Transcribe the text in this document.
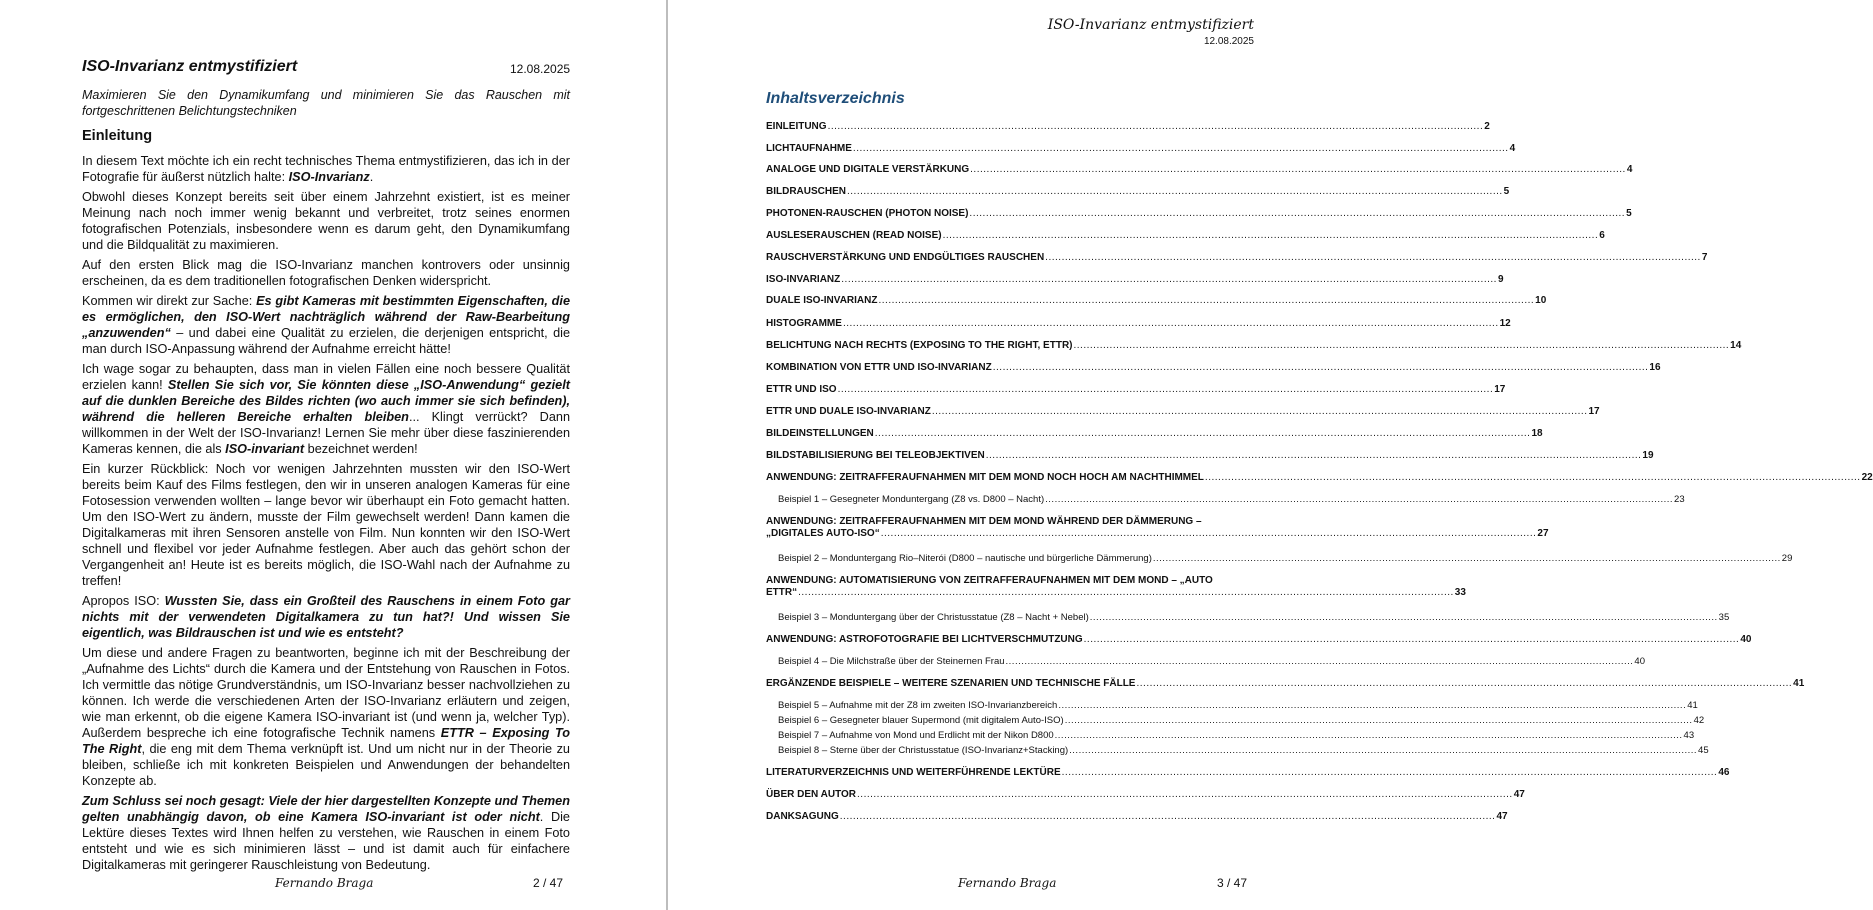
ISO-Invarianz entmystifiziert	12.08.2025
Maximieren Sie den Dynamikumfang und minimieren Sie das Rauschen mit fortgeschrittenen Belichtungstechniken
Einleitung

In diesem Text möchte ich ein recht technisches Thema entmystifizieren, das ich in der Fotografie für äußerst nützlich halte: ISO-Invarianz.

Obwohl dieses Konzept bereits seit über einem Jahrzehnt existiert, ist es meiner Meinung nach noch immer wenig bekannt und verbreitet, trotz seines enormen fotografischen Potenzials, insbesondere wenn es darum geht, den Dynamikumfang und die Bildqualität zu maximieren.

Auf den ersten Blick mag die ISO-Invarianz manchen kontrovers oder unsinnig erscheinen, da es dem traditionellen fotografischen Denken widerspricht.

Kommen wir direkt zur Sache: Es gibt Kameras mit bestimmten Eigenschaften, die es ermöglichen, den ISO-Wert nachträglich während der Raw-Bearbeitung „anzuwenden“ – und dabei eine Qualität zu erzielen, die derjenigen entspricht, die man durch ISO-Anpassung während der Aufnahme erreicht hätte!

Ich wage sogar zu behaupten, dass man in vielen Fällen eine noch bessere Qualität erzielen kann! Stellen Sie sich vor, Sie könnten diese „ISO-Anwendung“ gezielt auf die dunklen Bereiche des Bildes richten (wo auch immer sie sich befinden), während die helleren Bereiche erhalten bleiben... Klingt verrückt? Dann willkommen in der Welt der ISO-Invarianz! Lernen Sie mehr über diese faszinierenden Kameras kennen, die als ISO-invariant bezeichnet werden!

Ein kurzer Rückblick: Noch vor wenigen Jahrzehnten mussten wir den ISO-Wert bereits beim Kauf des Films festlegen, den wir in unseren analogen Kameras für eine Fotosession verwenden wollten – lange bevor wir überhaupt ein Foto gemacht hatten. Um den ISO-Wert zu ändern, musste der Film gewechselt werden! Dann kamen die Digitalkameras mit ihren Sensoren anstelle von Film. Nun konnten wir den ISO-Wert schnell und flexibel vor jeder Aufnahme festlegen. Aber auch das gehört schon der Vergangenheit an! Heute ist es bereits möglich, die ISO-Wahl nach der Aufnahme zu treffen!

Apropos ISO: Wussten Sie, dass ein Großteil des Rauschens in einem Foto gar nichts mit der verwendeten Digitalkamera zu tun hat?! Und wissen Sie eigentlich, was Bildrauschen ist und wie es entsteht?

Um diese und andere Fragen zu beantworten, beginne ich mit der Beschreibung der „Aufnahme des Lichts“ durch die Kamera und der Entstehung von Rauschen in Fotos. Ich vermittle das nötige Grundverständnis, um ISO-Invarianz besser nachvollziehen zu können. Ich werde die verschiedenen Arten der ISO-Invarianz erläutern und zeigen, wie man erkennt, ob die eigene Kamera ISO-invariant ist (und wenn ja, welcher Typ). Außerdem bespreche ich eine fotografische Technik namens ETTR – Exposing To The Right, die eng mit dem Thema verknüpft ist. Und um nicht nur in der Theorie zu bleiben, schließe ich mit konkreten Beispielen und Anwendungen der behandelten Konzepte ab.

Zum Schluss sei noch gesagt: Viele der hier dargestellten Konzepte und Themen gelten unabhängig davon, ob eine Kamera ISO-invariant ist oder nicht. Die Lektüre dieses Textes wird Ihnen helfen zu verstehen, wie Rauschen in einem Foto entsteht und wie es sich minimieren lässt – und ist damit auch für einfachere Digitalkameras mit geringerer Rauschleistung von Bedeutung.

Fernando Braga	2 / 47
ISO-Invarianz entmystifiziert
12.08.2025
Inhaltsverzeichnis
EINLEITUNG ........................................................................................................................................................................................................ 2
LICHTAUFNAHME ........................................................................................................................................................................................................ 4
ANALOGE UND DIGITALE VERSTÄRKUNG ........................................................................................................................................................................................................ 4
BILDRAUSCHEN ........................................................................................................................................................................................................ 5
PHOTONEN-RAUSCHEN (PHOTON NOISE) ........................................................................................................................................................................................................ 5
AUSLESERAUSCHEN (READ NOISE) ........................................................................................................................................................................................................ 6
RAUSCHVERSTÄRKUNG UND ENDGÜLTIGES RAUSCHEN ........................................................................................................................................................................................................ 7
ISO-INVARIANZ ........................................................................................................................................................................................................ 9
DUALE ISO-INVARIANZ ........................................................................................................................................................................................................ 10
HISTOGRAMME ........................................................................................................................................................................................................ 12
BELICHTUNG NACH RECHTS (EXPOSING TO THE RIGHT, ETTR) ........................................................................................................................................................................................................ 14
KOMBINATION VON ETTR UND ISO-INVARIANZ ........................................................................................................................................................................................................ 16
ETTR UND ISO ........................................................................................................................................................................................................ 17
ETTR UND DUALE ISO-INVARIANZ ........................................................................................................................................................................................................ 17
BILDEINSTELLUNGEN ........................................................................................................................................................................................................ 18
BILDSTABILISIERUNG BEI TELEOBJEKTIVEN ........................................................................................................................................................................................................ 19
ANWENDUNG: ZEITRAFFERAUFNAHMEN MIT DEM MOND NOCH HOCH AM NACHTHIMMEL ........................................................................................................................................................................................................ 22
Beispiel 1 – Gesegneter Monduntergang (Z8 vs. D800 – Nacht) ........................................................................................................................................................................................................ 23
ANWENDUNG: ZEITRAFFERAUFNAHMEN MIT DEM MOND WÄHREND DER DÄMMERUNG –
„DIGITALES AUTO-ISO“ ........................................................................................................................................................................................................ 27
Beispiel 2 – Monduntergang Rio–Niterói (D800 – nautische und bürgerliche Dämmerung) ........................................................................................................................................................................................................ 29
ANWENDUNG: AUTOMATISIERUNG VON ZEITRAFFERAUFNAHMEN MIT DEM MOND – „AUTO
ETTR“ ........................................................................................................................................................................................................ 33
Beispiel 3 – Monduntergang über der Christusstatue (Z8 – Nacht + Nebel) ........................................................................................................................................................................................................ 35
ANWENDUNG: ASTROFOTOGRAFIE BEI LICHTVERSCHMUTZUNG ........................................................................................................................................................................................................ 40
Beispiel 4 – Die Milchstraße über der Steinernen Frau ........................................................................................................................................................................................................ 40
ERGÄNZENDE BEISPIELE – WEITERE SZENARIEN UND TECHNISCHE FÄLLE ........................................................................................................................................................................................................ 41
Beispiel 5 – Aufnahme mit der Z8 im zweiten ISO-Invarianzbereich ........................................................................................................................................................................................................ 41
Beispiel 6 – Gesegneter blauer Supermond (mit digitalem Auto-ISO) ........................................................................................................................................................................................................ 42
Beispiel 7 – Aufnahme von Mond und Erdlicht mit der Nikon D800 ........................................................................................................................................................................................................ 43
Beispiel 8 – Sterne über der Christusstatue (ISO-Invarianz+Stacking) ........................................................................................................................................................................................................ 45
LITERATURVERZEICHNIS UND WEITERFÜHRENDE LEKTÜRE ........................................................................................................................................................................................................ 46
ÜBER DEN AUTOR ........................................................................................................................................................................................................ 47
DANKSAGUNG ........................................................................................................................................................................................................ 47
Fernando Braga	3 / 47
